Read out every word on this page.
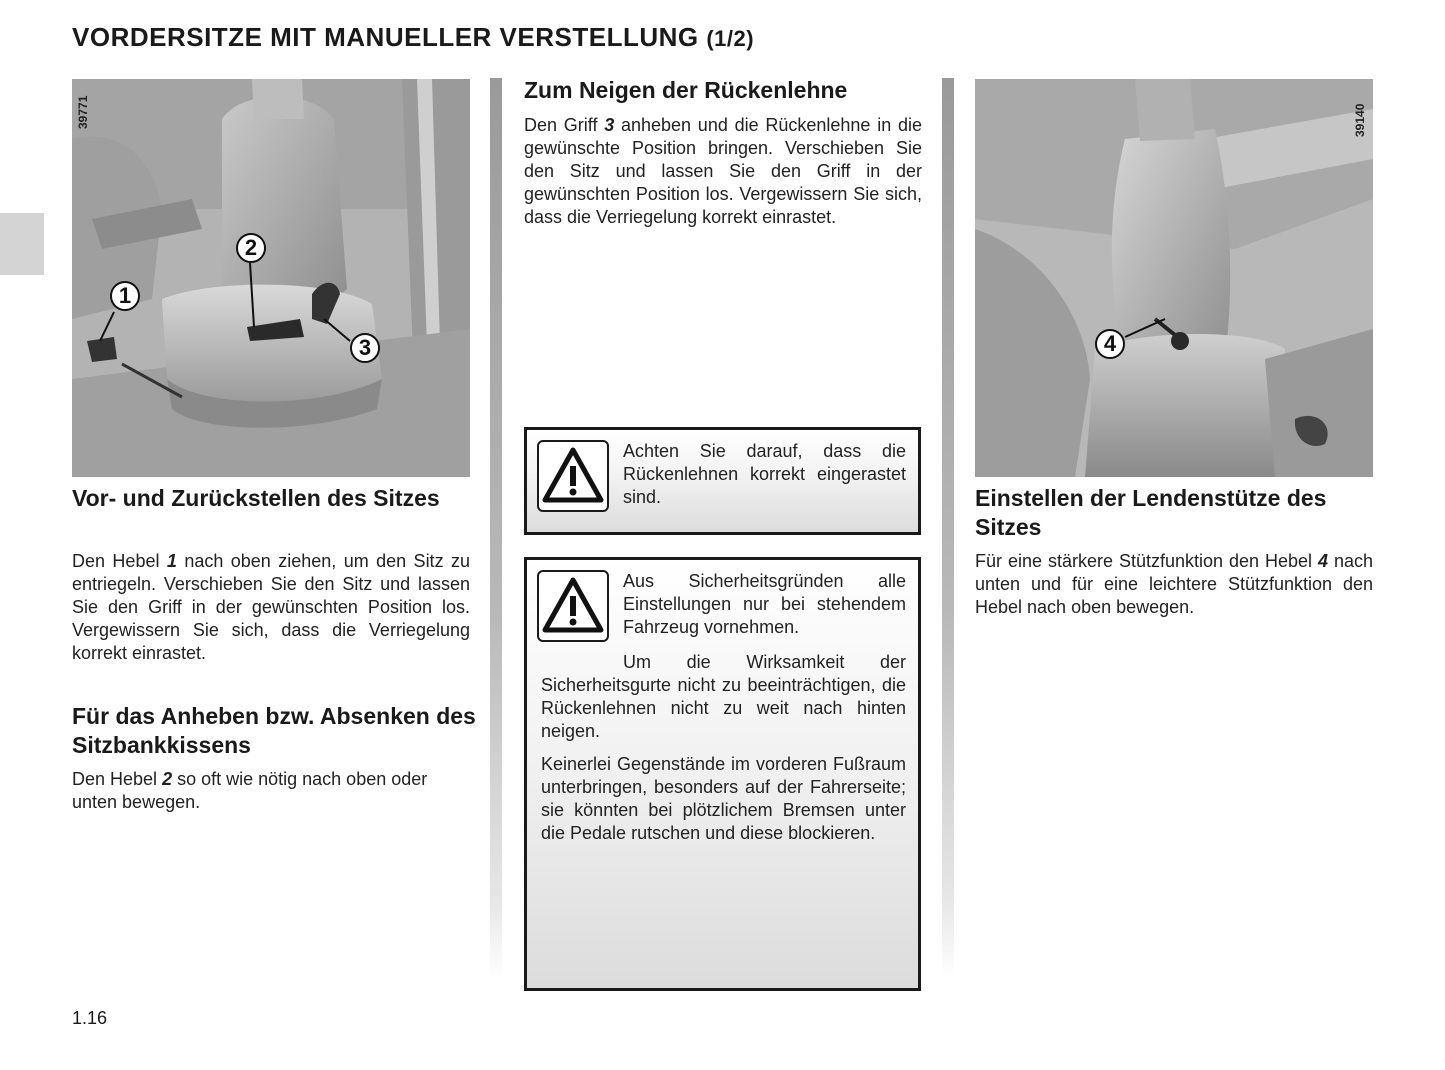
VORDERSITZE MIT MANUELLER VERSTELLUNG (1/2)
1
2
3
39771
Vor- und Zurückstellen des Sitzes
Den Hebel 1 nach oben ziehen, um den Sitz zu entriegeln. Verschieben Sie den Sitz und lassen Sie den Griff in der gewünschten Position los. Vergewissern Sie sich, dass die Verriegelung korrekt einrastet.
Für das Anheben bzw. Absenken des Sitzbankkissens
Den Hebel 2 so oft wie nötig nach oben oder unten bewegen.
Zum Neigen der Rückenlehne
Den Griff 3 anheben und die Rückenlehne in die gewünschte Position bringen. Verschieben Sie den Sitz und lassen Sie den Griff in der gewünschten Position los. Vergewissern Sie sich, dass die Verriegelung korrekt einrastet.

Achten Sie darauf, dass die Rückenlehnen korrekt eingerastet sind.

Aus Sicherheitsgründen alle Einstellungen nur bei stehendem Fahrzeug vornehmen.

Um die Wirksamkeit der Sicherheitsgurte nicht zu beeinträchtigen, die Rückenlehnen nicht zu weit nach hinten neigen.

Keinerlei Gegenstände im vorderen Fußraum unterbringen, besonders auf der Fahrerseite; sie könnten bei plötzlichem Bremsen unter die Pedale rutschen und diese blockieren.

4
39140
Einstellen der Lendenstütze des Sitzes
Für eine stärkere Stützfunktion den Hebel 4 nach unten und für eine leichtere Stützfunktion den Hebel nach oben bewegen.
1.16
